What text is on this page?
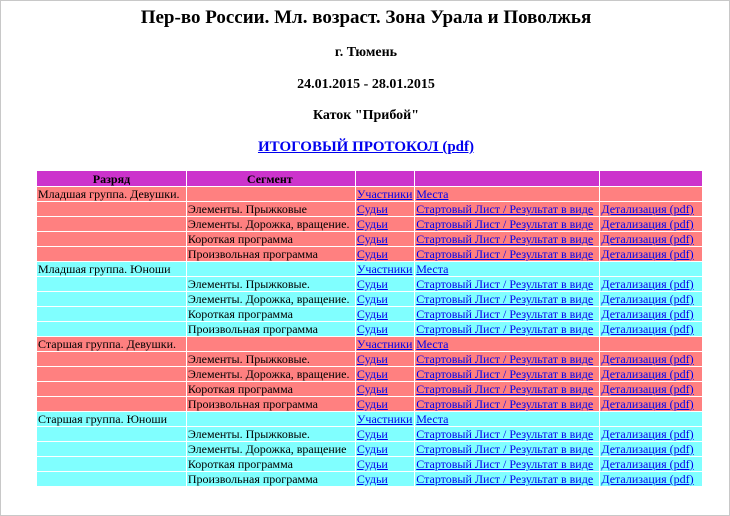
Пер-во России. Мл. возраст. Зона Урала и Поволжья
г. Тюмень
24.01.2015 - 28.01.2015
Каток "Прибой"
ИТОГОВЫЙ ПРОТОКОЛ (pdf)
Разряд	Сегмент			
Младшая группа. Девушки.		Участники	Места	
	Элементы. Прыжковые	Судьи	Стартовый Лист / Результат в виде	Детализация (pdf)
	Элементы. Дорожка, вращение.	Судьи	Стартовый Лист / Результат в виде	Детализация (pdf)
	Короткая программа	Судьи	Стартовый Лист / Результат в виде	Детализация (pdf)
	Произвольная программа	Судьи	Стартовый Лист / Результат в виде	Детализация (pdf)
Младшая группа. Юноши		Участники	Места	
	Элементы. Прыжковые.	Судьи	Стартовый Лист / Результат в виде	Детализация (pdf)
	Элементы. Дорожка, вращение.	Судьи	Стартовый Лист / Результат в виде	Детализация (pdf)
	Короткая программа	Судьи	Стартовый Лист / Результат в виде	Детализация (pdf)
	Произвольная программа	Судьи	Стартовый Лист / Результат в виде	Детализация (pdf)
Старшая группа. Девушки.		Участники	Места	
	Элементы. Прыжковые.	Судьи	Стартовый Лист / Результат в виде	Детализация (pdf)
	Элементы. Дорожка, вращение.	Судьи	Стартовый Лист / Результат в виде	Детализация (pdf)
	Короткая программа	Судьи	Стартовый Лист / Результат в виде	Детализация (pdf)
	Произвольная программа	Судьи	Стартовый Лист / Результат в виде	Детализация (pdf)
Старшая группа. Юноши		Участники	Места	
	Элементы. Прыжковые.	Судьи	Стартовый Лист / Результат в виде	Детализация (pdf)
	Элементы. Дорожка, вращение	Судьи	Стартовый Лист / Результат в виде	Детализация (pdf)
	Короткая программа	Судьи	Стартовый Лист / Результат в виде	Детализация (pdf)
	Произвольная программа	Судьи	Стартовый Лист / Результат в виде	Детализация (pdf)
